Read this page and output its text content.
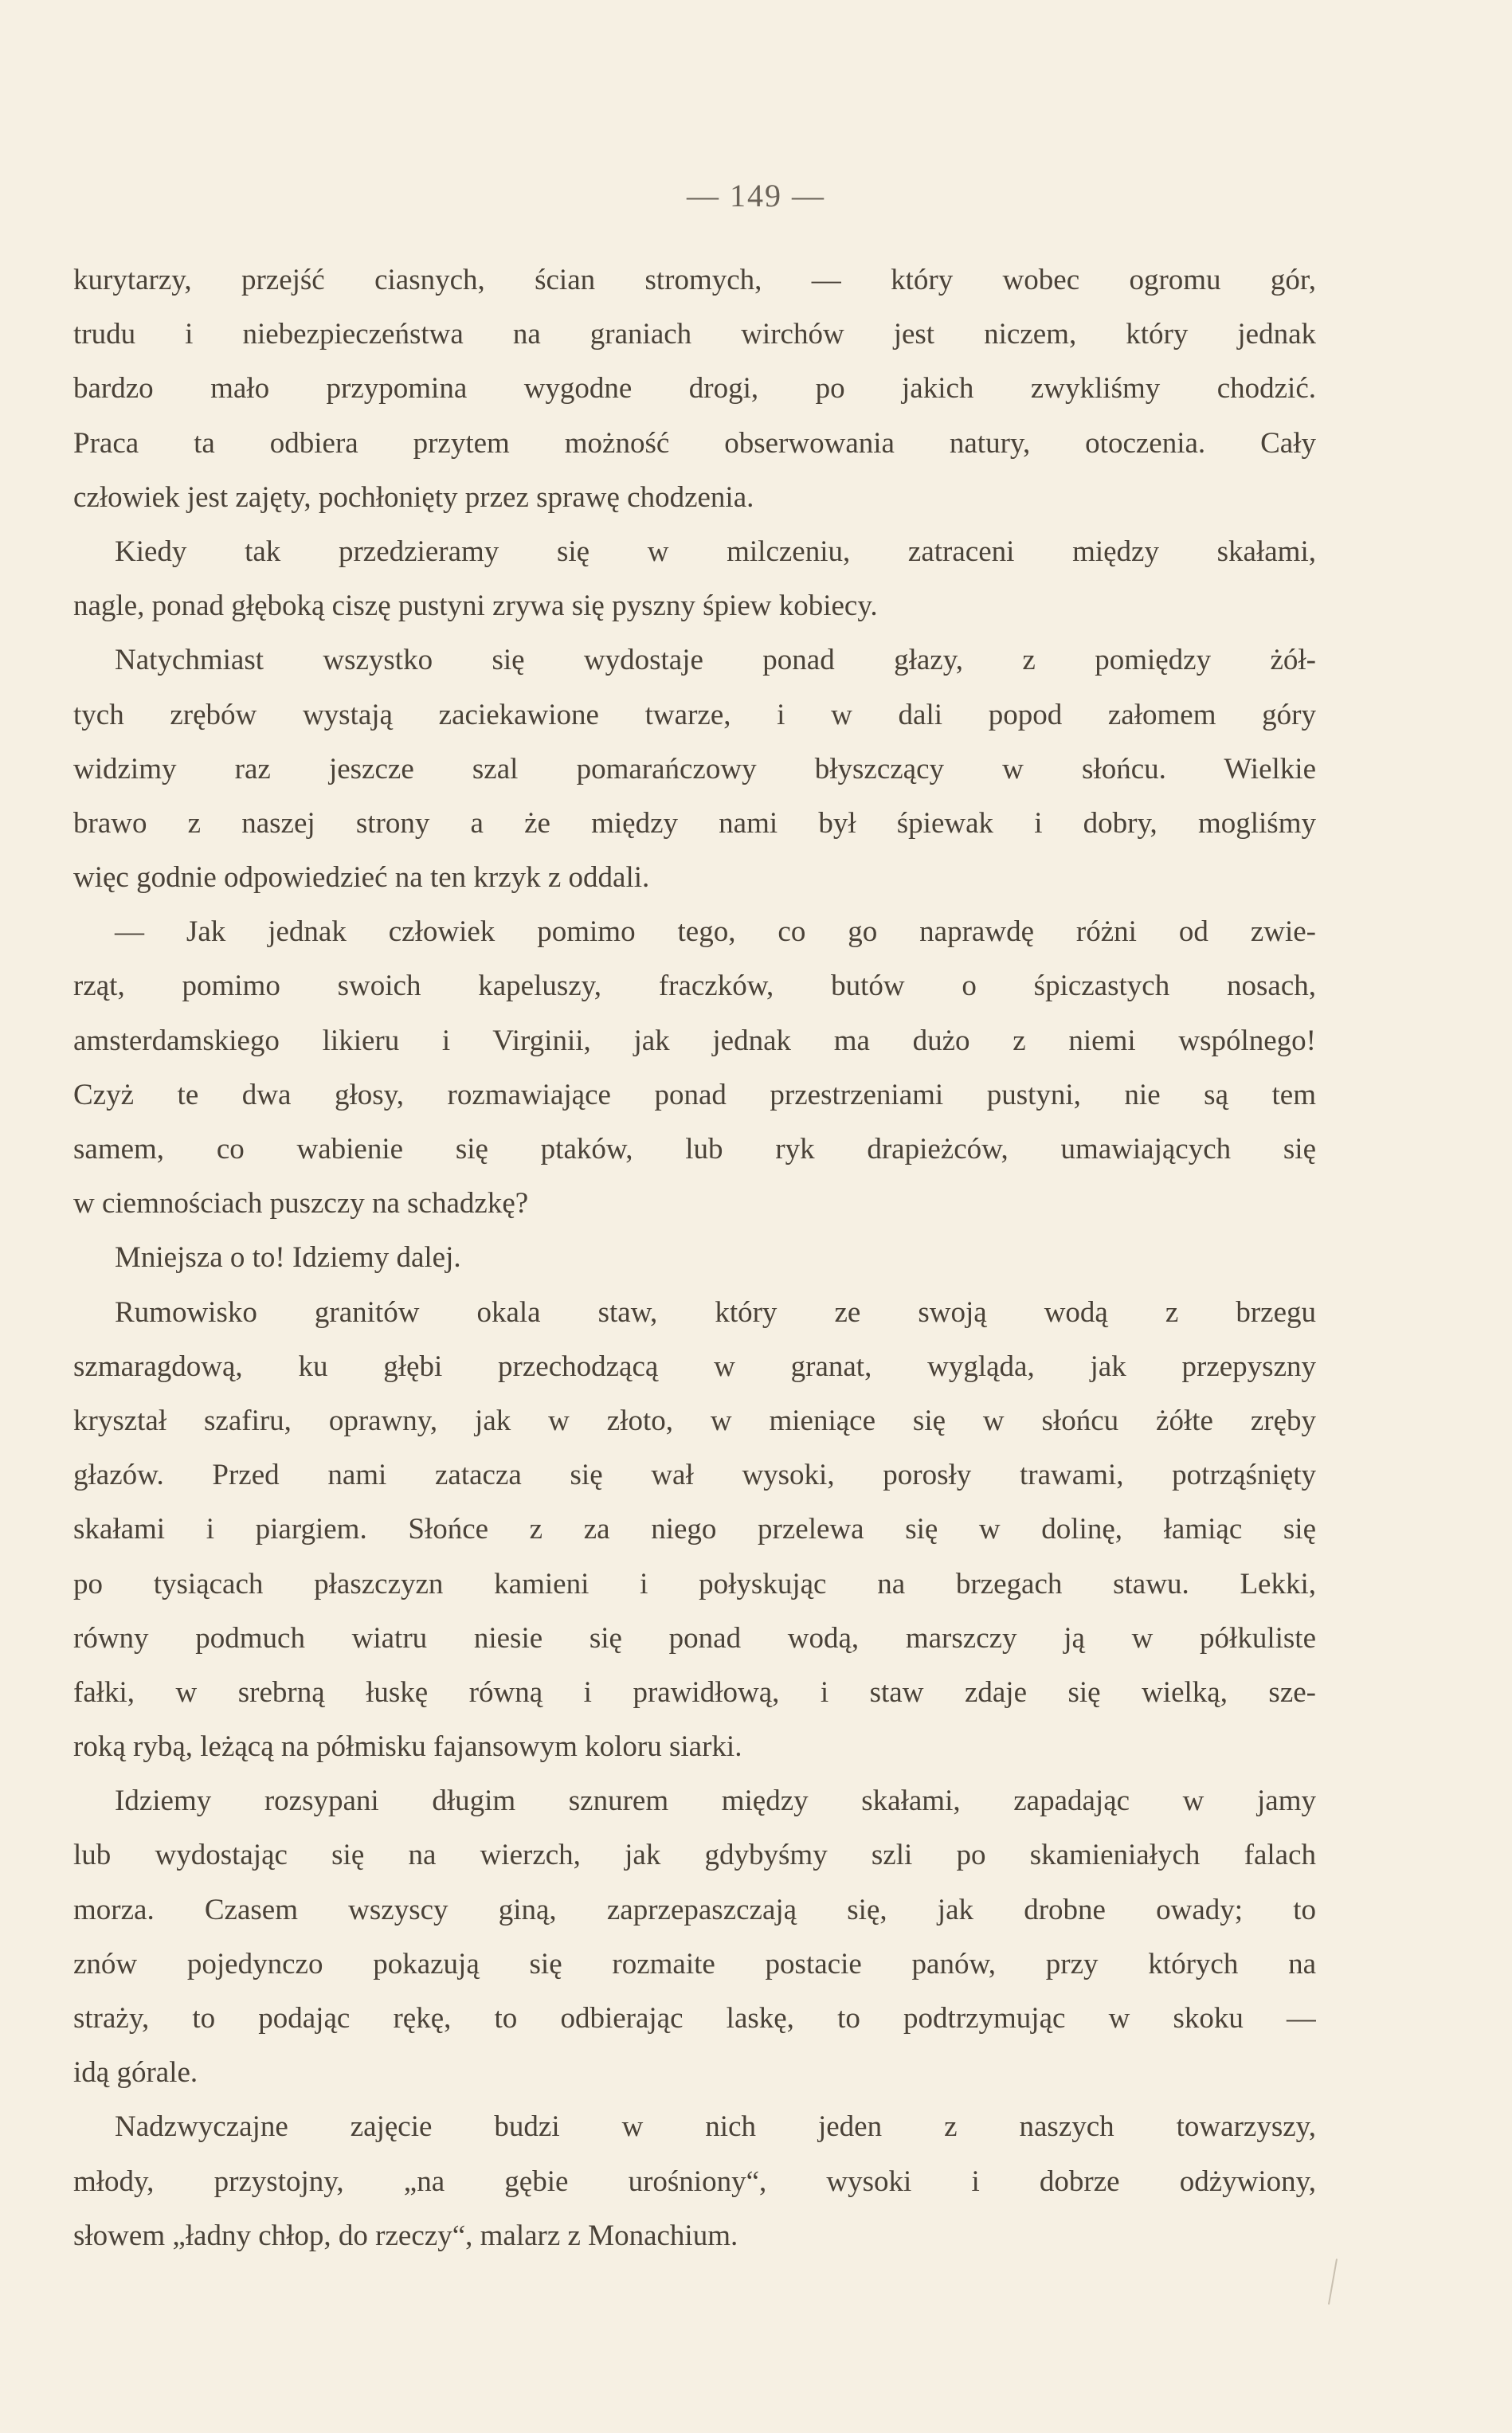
— 149 —
kurytarzy, przejść ciasnych, ścian stromych, — który wobec ogromu gór,
trudu i niebezpieczeństwa na graniach wirchów jest niczem, który jednak
bardzo mało przypomina wygodne drogi, po jakich zwykliśmy chodzić.
Praca ta odbiera przytem możność obserwowania natury, otoczenia. Cały
człowiek jest zajęty, pochłonięty przez sprawę chodzenia.
Kiedy tak przedzieramy się w milczeniu, zatraceni między skałami,
nagle, ponad głęboką ciszę pustyni zrywa się pyszny śpiew kobiecy.
Natychmiast wszystko się wydostaje ponad głazy, z pomiędzy żół-
tych zrębów wystają zaciekawione twarze, i w dali popod załomem góry
widzimy raz jeszcze szal pomarańczowy błyszczący w słońcu. Wielkie
brawo z naszej strony a że między nami był śpiewak i dobry, mogliśmy
więc godnie odpowiedzieć na ten krzyk z oddali.
— Jak jednak człowiek pomimo tego, co go naprawdę różni od zwie-
rząt, pomimo swoich kapeluszy, fraczków, butów o śpiczastych nosach,
amsterdamskiego likieru i Virginii, jak jednak ma dużo z niemi wspólnego!
Czyż te dwa głosy, rozmawiające ponad przestrzeniami pustyni, nie są tem
samem, co wabienie się ptaków, lub ryk drapieżców, umawiających się
w ciemnościach puszczy na schadzkę?
Mniejsza o to! Idziemy dalej.
Rumowisko granitów okala staw, który ze swoją wodą z brzegu
szmaragdową, ku głębi przechodzącą w granat, wygląda, jak przepyszny
kryształ szafiru, oprawny, jak w złoto, w mieniące się w słońcu żółte zręby
głazów. Przed nami zatacza się wał wysoki, porosły trawami, potrząśnięty
skałami i piargiem. Słońce z za niego przelewa się w dolinę, łamiąc się
po tysiącach płaszczyzn kamieni i połyskując na brzegach stawu. Lekki,
równy podmuch wiatru niesie się ponad wodą, marszczy ją w półkuliste
fałki, w srebrną łuskę równą i prawidłową, i staw zdaje się wielką, sze-
roką rybą, leżącą na półmisku fajansowym koloru siarki.
Idziemy rozsypani długim sznurem między skałami, zapadając w jamy
lub wydostając się na wierzch, jak gdybyśmy szli po skamieniałych falach
morza. Czasem wszyscy giną, zaprzepaszczają się, jak drobne owady; to
znów pojedynczo pokazują się rozmaite postacie panów, przy których na
straży, to podając rękę, to odbierając laskę, to podtrzymując w skoku —
idą górale.
Nadzwyczajne zajęcie budzi w nich jeden z naszych towarzyszy,
młody, przystojny, „na gębie urośniony“, wysoki i dobrze odżywiony,
słowem „ładny chłop, do rzeczy“, malarz z Monachium.
